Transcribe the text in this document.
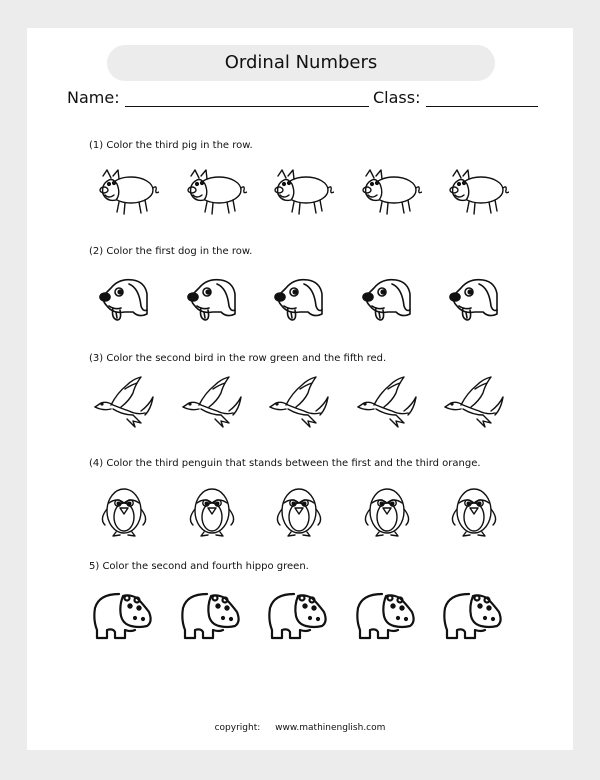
Ordinal Numbers
Name:	Class:
(1) Color the third pig in the row.
(2) Color the first dog in the row.
(3) Color the second bird in the row green and the fifth red.
(4) Color the third penguin that stands between the first and the third orange.
5) Color the second and fourth hippo green.
copyright: www.mathinenglish.com
